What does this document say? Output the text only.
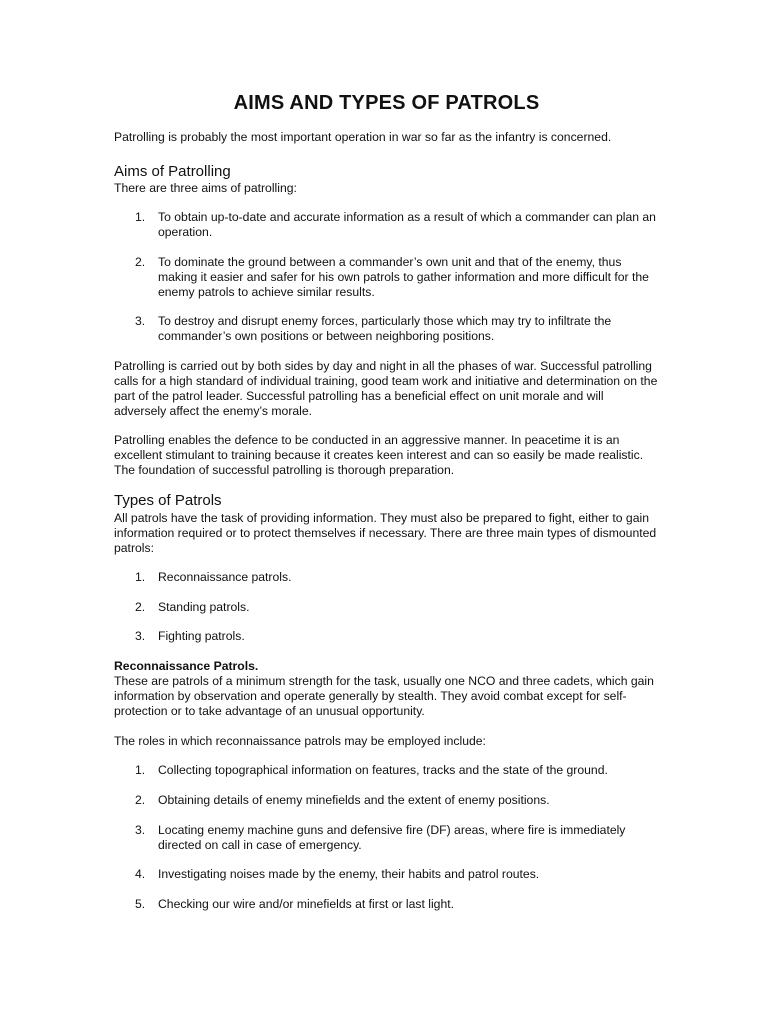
AIMS AND TYPES OF PATROLS

Patrolling is probably the most important operation in war so far as the infantry is concerned.

Aims of Patrolling

There are three aims of patrolling:

1. To obtain up-to-date and accurate information as a result of which a commander can plan an operation.
2. To dominate the ground between a commander’s own unit and that of the enemy, thus making it easier and safer for his own patrols to gather information and more difficult for the enemy patrols to achieve similar results.
3. To destroy and disrupt enemy forces, particularly those which may try to infiltrate the commander’s own positions or between neighboring positions.

Patrolling is carried out by both sides by day and night in all the phases of war. Successful patrolling calls for a high standard of individual training, good team work and initiative and determination on the part of the patrol leader. Successful patrolling has a beneficial effect on unit morale and will adversely affect the enemy’s morale.

Patrolling enables the defence to be conducted in an aggressive manner. In peacetime it is an excellent stimulant to training because it creates keen interest and can so easily be made realistic. The foundation of successful patrolling is thorough preparation.

Types of Patrols

All patrols have the task of providing information. They must also be prepared to fight, either to gain information required or to protect themselves if necessary. There are three main types of dismounted patrols:

1. Reconnaissance patrols.
2. Standing patrols.
3. Fighting patrols.
Reconnaissance Patrols.

These are patrols of a minimum strength for the task, usually one NCO and three cadets, which gain information by observation and operate generally by stealth. They avoid combat except for self-protection or to take advantage of an unusual opportunity.

The roles in which reconnaissance patrols may be employed include:

1. Collecting topographical information on features, tracks and the state of the ground.
2. Obtaining details of enemy minefields and the extent of enemy positions.
3. Locating enemy machine guns and defensive fire (DF) areas, where fire is immediately directed on call in case of emergency.
4. Investigating noises made by the enemy, their habits and patrol routes.
5. Checking our wire and/or minefields at first or last light.
